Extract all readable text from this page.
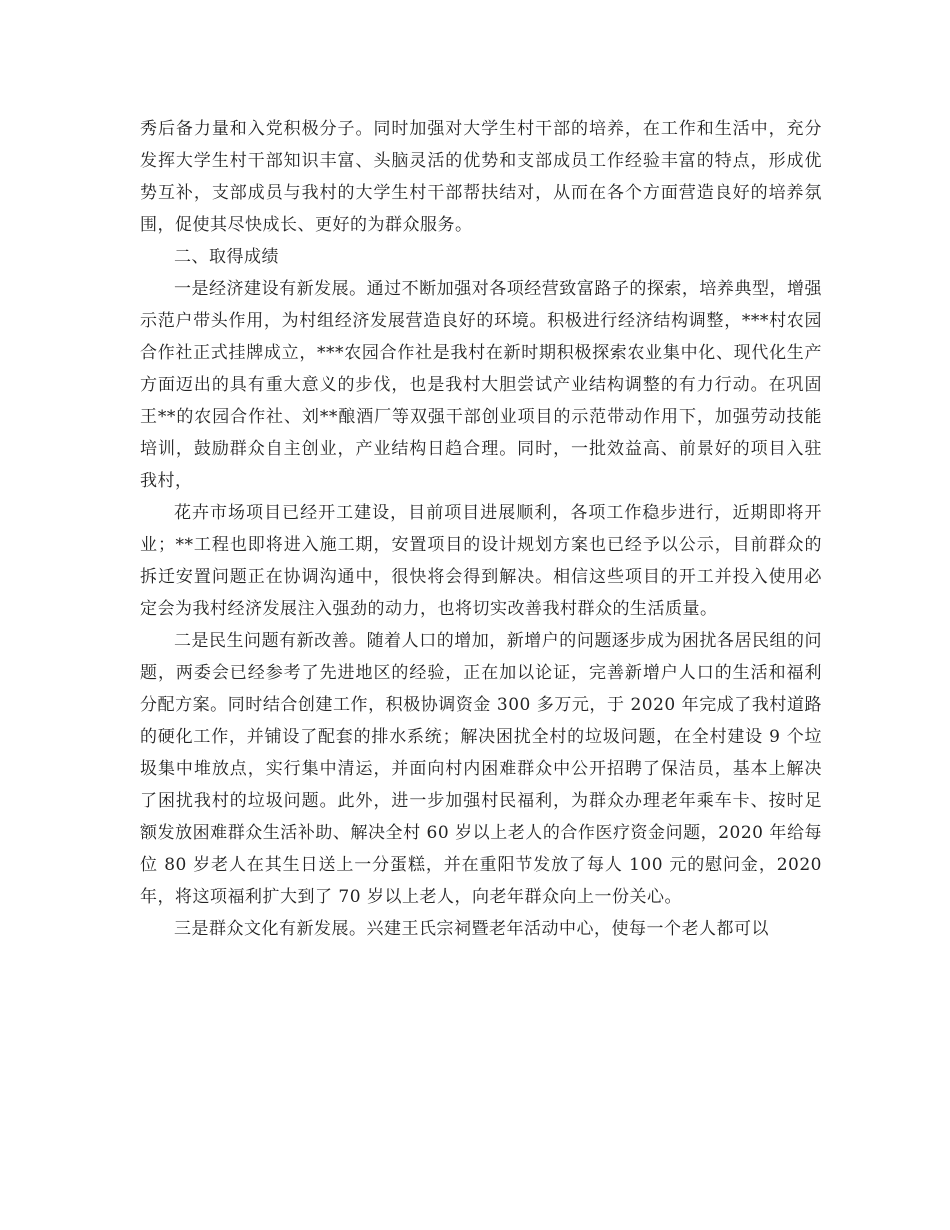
秀后备力量和入党积极分子。同时加强对大学生村干部的培养，在工作和生活中，充分发挥大学生村干部知识丰富、头脑灵活的优势和支部成员工作经验丰富的特点，形成优势互补，支部成员与我村的大学生村干部帮扶结对，从而在各个方面营造良好的培养氛围，促使其尽快成长、更好的为群众服务。

二、取得成绩

一是经济建设有新发展。通过不断加强对各项经营致富路子的探索，培养典型，增强示范户带头作用，为村组经济发展营造良好的环境。积极进行经济结构调整，***村农园合作社正式挂牌成立，***农园合作社是我村在新时期积极探索农业集中化、现代化生产方面迈出的具有重大意义的步伐，也是我村大胆尝试产业结构调整的有力行动。在巩固王**的农园合作社、刘**酿酒厂等双强干部创业项目的示范带动作用下，加强劳动技能培训，鼓励群众自主创业，产业结构日趋合理。同时，一批效益高、前景好的项目入驻我村，

花卉市场项目已经开工建设，目前项目进展顺利，各项工作稳步进行，近期即将开业；**工程也即将进入施工期，安置项目的设计规划方案也已经予以公示，目前群众的拆迁安置问题正在协调沟通中，很快将会得到解决。相信这些项目的开工并投入使用必定会为我村经济发展注入强劲的动力，也将切实改善我村群众的生活质量。

二是民生问题有新改善。随着人口的增加，新增户的问题逐步成为困扰各居民组的问题，两委会已经参考了先进地区的经验，正在加以论证，完善新增户人口的生活和福利分配方案。同时结合创建工作，积极协调资金 300 多万元，于 2020 年完成了我村道路的硬化工作，并铺设了配套的排水系统；解决困扰全村的垃圾问题，在全村建设 9 个垃圾集中堆放点，实行集中清运，并面向村内困难群众中公开招聘了保洁员，基本上解决了困扰我村的垃圾问题。此外，进一步加强村民福利，为群众办理老年乘车卡、按时足额发放困难群众生活补助、解决全村 60 岁以上老人的合作医疗资金问题，2020 年给每位 80 岁老人在其生日送上一分蛋糕，并在重阳节发放了每人 100 元的慰问金，2020 年，将这项福利扩大到了 70 岁以上老人，向老年群众向上一份关心。

三是群众文化有新发展。兴建王氏宗祠暨老年活动中心，使每一个老人都可以
